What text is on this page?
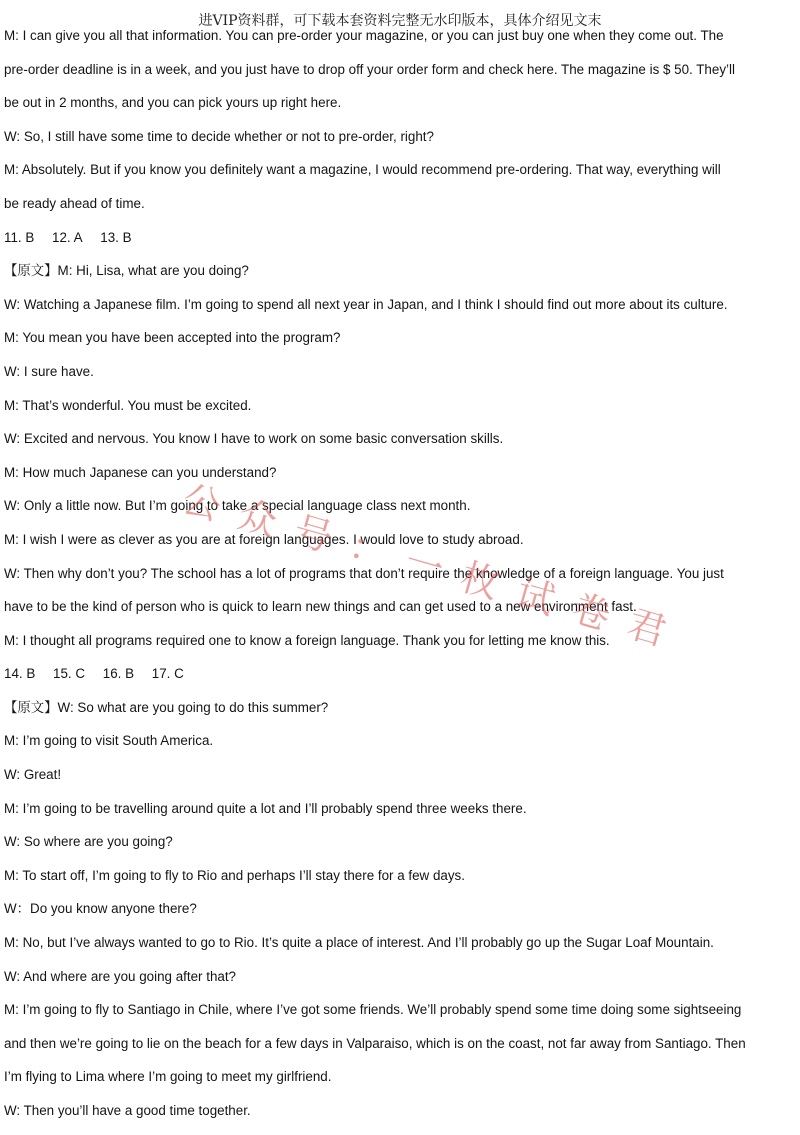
进VIP资料群，可下载本套资料完整无水印版本，具体介绍见文末
M: I can give you all that information. You can pre-order your magazine, or you can just buy one when they come out. The
pre-order deadline is in a week, and you just have to drop off your order form and check here. The magazine is $ 50. They’ll
be out in 2 months, and you can pick yours up right here.
W: So, I still have some time to decide whether or not to pre-order, right?
M: Absolutely. But if you know you definitely want a magazine, I would recommend pre-ordering. That way, everything will
be ready ahead of time.
11. B 12. A 13. B
【原文】M: Hi, Lisa, what are you doing?
W: Watching a Japanese film. I’m going to spend all next year in Japan, and I think I should find out more about its culture.
M: You mean you have been accepted into the program?
W: I sure have.
M: That’s wonderful. You must be excited.
W: Excited and nervous. You know I have to work on some basic conversation skills.
M: How much Japanese can you understand?
W: Only a little now. But I’m going to take a special language class next month.
M: I wish I were as clever as you are at foreign languages. I would love to study abroad.
W: Then why don’t you? The school has a lot of programs that don’t require the knowledge of a foreign language. You just
have to be the kind of person who is quick to learn new things and can get used to a new environment fast.
M: I thought all programs required one to know a foreign language. Thank you for letting me know this.
14. B 15. C 16. B 17. C
【原文】W: So what are you going to do this summer?
M: I’m going to visit South America.
W: Great!
M: I’m going to be travelling around quite a lot and I’ll probably spend three weeks there.
W: So where are you going?
M: To start off, I’m going to fly to Rio and perhaps I’ll stay there for a few days.
W：Do you know anyone there?
M: No, but I’ve always wanted to go to Rio. It’s quite a place of interest. And I’ll probably go up the Sugar Loaf Mountain.
W: And where are you going after that?
M: I’m going to fly to Santiago in Chile, where I’ve got some friends. We’ll probably spend some time doing some sightseeing
and then we’re going to lie on the beach for a few days in Valparaiso, which is on the coast, not far away from Santiago. Then
I’m flying to Lima where I’m going to meet my girlfriend.
W: Then you’ll have a good time together.
公 众 号 ： 一 枚 试 卷 君
